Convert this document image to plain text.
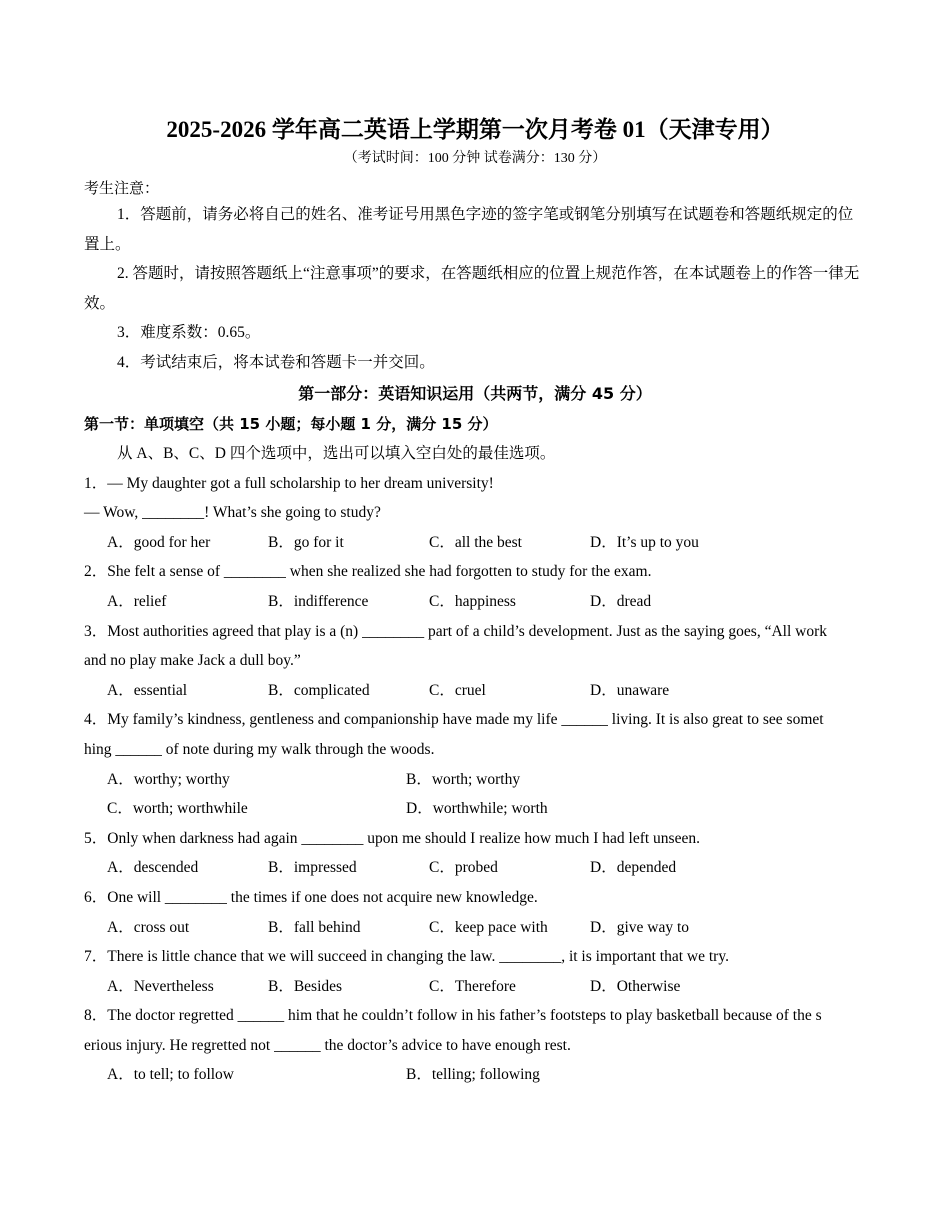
2025-2026 学年高二英语上学期第一次月考卷 01（天津专用）
（考试时间：100 分钟 试卷满分：130 分）
考生注意：
1．答题前，请务必将自己的姓名、准考证号用黑色字迹的签字笔或钢笔分别填写在试题卷和答题纸规定的位置上。
2. 答题时，请按照答题纸上“注意事项”的要求，在答题纸相应的位置上规范作答，在本试题卷上的作答一律无效。
3．难度系数：0.65。
4．考试结束后，将本试卷和答题卡一并交回。
第一部分：英语知识运用（共两节，满分 45 分）
第一节：单项填空（共 15 小题；每小题 1 分，满分 15 分）
从 A、B、C、D 四个选项中，选出可以填入空白处的最佳选项。
1．— My daughter got a full scholarship to her dream university!
— Wow, ________! What’s she going to study?
A．good for her	B．go for it	C．all the best	D．It’s up to you
2．She felt a sense of ________ when she realized she had forgotten to study for the exam.
A．relief	B．indifference	C．happiness	D．dread
3．Most authorities agreed that play is a (n) ________ part of a child’s development. Just as the saying goes, “All work
and no play make Jack a dull boy.”
A．essential	B．complicated	C．cruel	D．unaware
4．My family’s kindness, gentleness and companionship have made my life ______ living. It is also great to see somet
hing ______ of note during my walk through the woods.
A．worthy; worthy	B．worth; worthy
C．worth; worthwhile	D．worthwhile; worth
5．Only when darkness had again ________ upon me should I realize how much I had left unseen.
A．descended	B．impressed	C．probed	D．depended
6．One will ________ the times if one does not acquire new knowledge.
A．cross out	B．fall behind	C．keep pace with	D．give way to
7．There is little chance that we will succeed in changing the law. ________, it is important that we try.
A．Nevertheless	B．Besides	C．Therefore	D．Otherwise
8．The doctor regretted ______ him that he couldn’t follow in his father’s footsteps to play basketball because of the s
erious injury. He regretted not ______ the doctor’s advice to have enough rest.
A．to tell; to follow	B．telling; following
